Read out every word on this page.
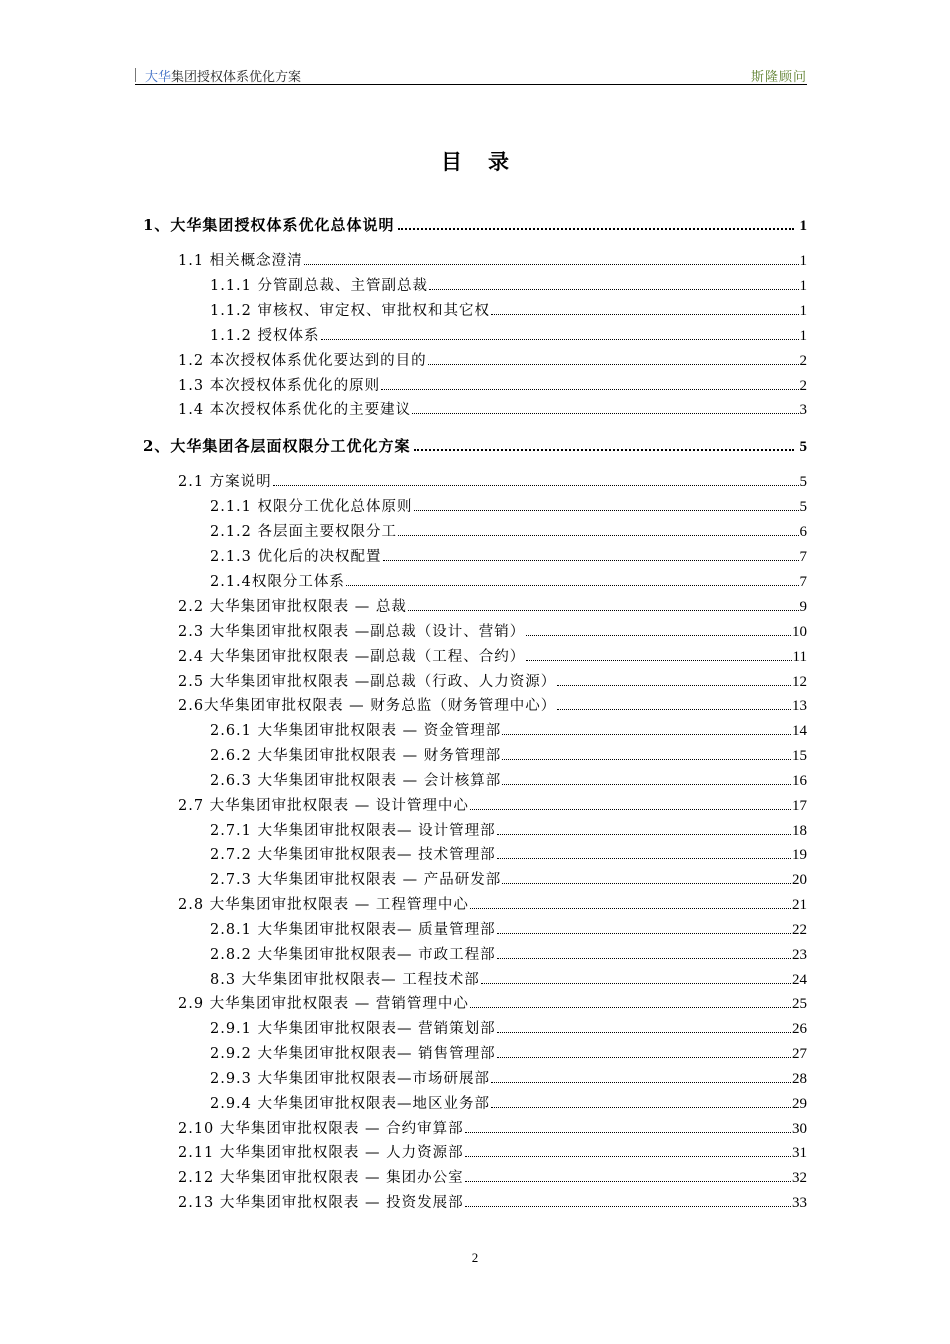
大华集团授权体系优化方案	斯隆顾问
目录
1、大华集团授权体系优化总体说明	1
1.1 相关概念澄清	1
1.1.1 分管副总裁、主管副总裁	1
1.1.2 审核权、审定权、审批权和其它权	1
1.1.2 授权体系	1
1.2 本次授权体系优化要达到的目的	2
1.3 本次授权体系优化的原则	2
1.4 本次授权体系优化的主要建议	3
2、大华集团各层面权限分工优化方案	5
2.1 方案说明	5
2.1.1 权限分工优化总体原则	5
2.1.2 各层面主要权限分工	6
2.1.3 优化后的决权配置	7
2.1.4权限分工体系	7
2.2 大华集团审批权限表 — 总裁	9
2.3 大华集团审批权限表 —副总裁（设计、营销）	10
2.4 大华集团审批权限表 —副总裁（工程、合约）	11
2.5 大华集团审批权限表 —副总裁（行政、人力资源）	12
2.6大华集团审批权限表 — 财务总监（财务管理中心）	13
2.6.1 大华集团审批权限表 — 资金管理部	14
2.6.2 大华集团审批权限表 — 财务管理部	15
2.6.3 大华集团审批权限表 — 会计核算部	16
2.7 大华集团审批权限表 — 设计管理中心	17
2.7.1 大华集团审批权限表— 设计管理部	18
2.7.2 大华集团审批权限表— 技术管理部	19
2.7.3 大华集团审批权限表 — 产品研发部	20
2.8 大华集团审批权限表 — 工程管理中心	21
2.8.1 大华集团审批权限表— 质量管理部	22
2.8.2 大华集团审批权限表— 市政工程部	23
8.3 大华集团审批权限表— 工程技术部	24
2.9 大华集团审批权限表 — 营销管理中心	25
2.9.1 大华集团审批权限表— 营销策划部	26
2.9.2 大华集团审批权限表— 销售管理部	27
2.9.3 大华集团审批权限表—市场研展部	28
2.9.4 大华集团审批权限表—地区业务部	29
2.10 大华集团审批权限表 — 合约审算部	30
2.11 大华集团审批权限表 — 人力资源部	31
2.12 大华集团审批权限表 — 集团办公室	32
2.13 大华集团审批权限表 — 投资发展部	33
2
